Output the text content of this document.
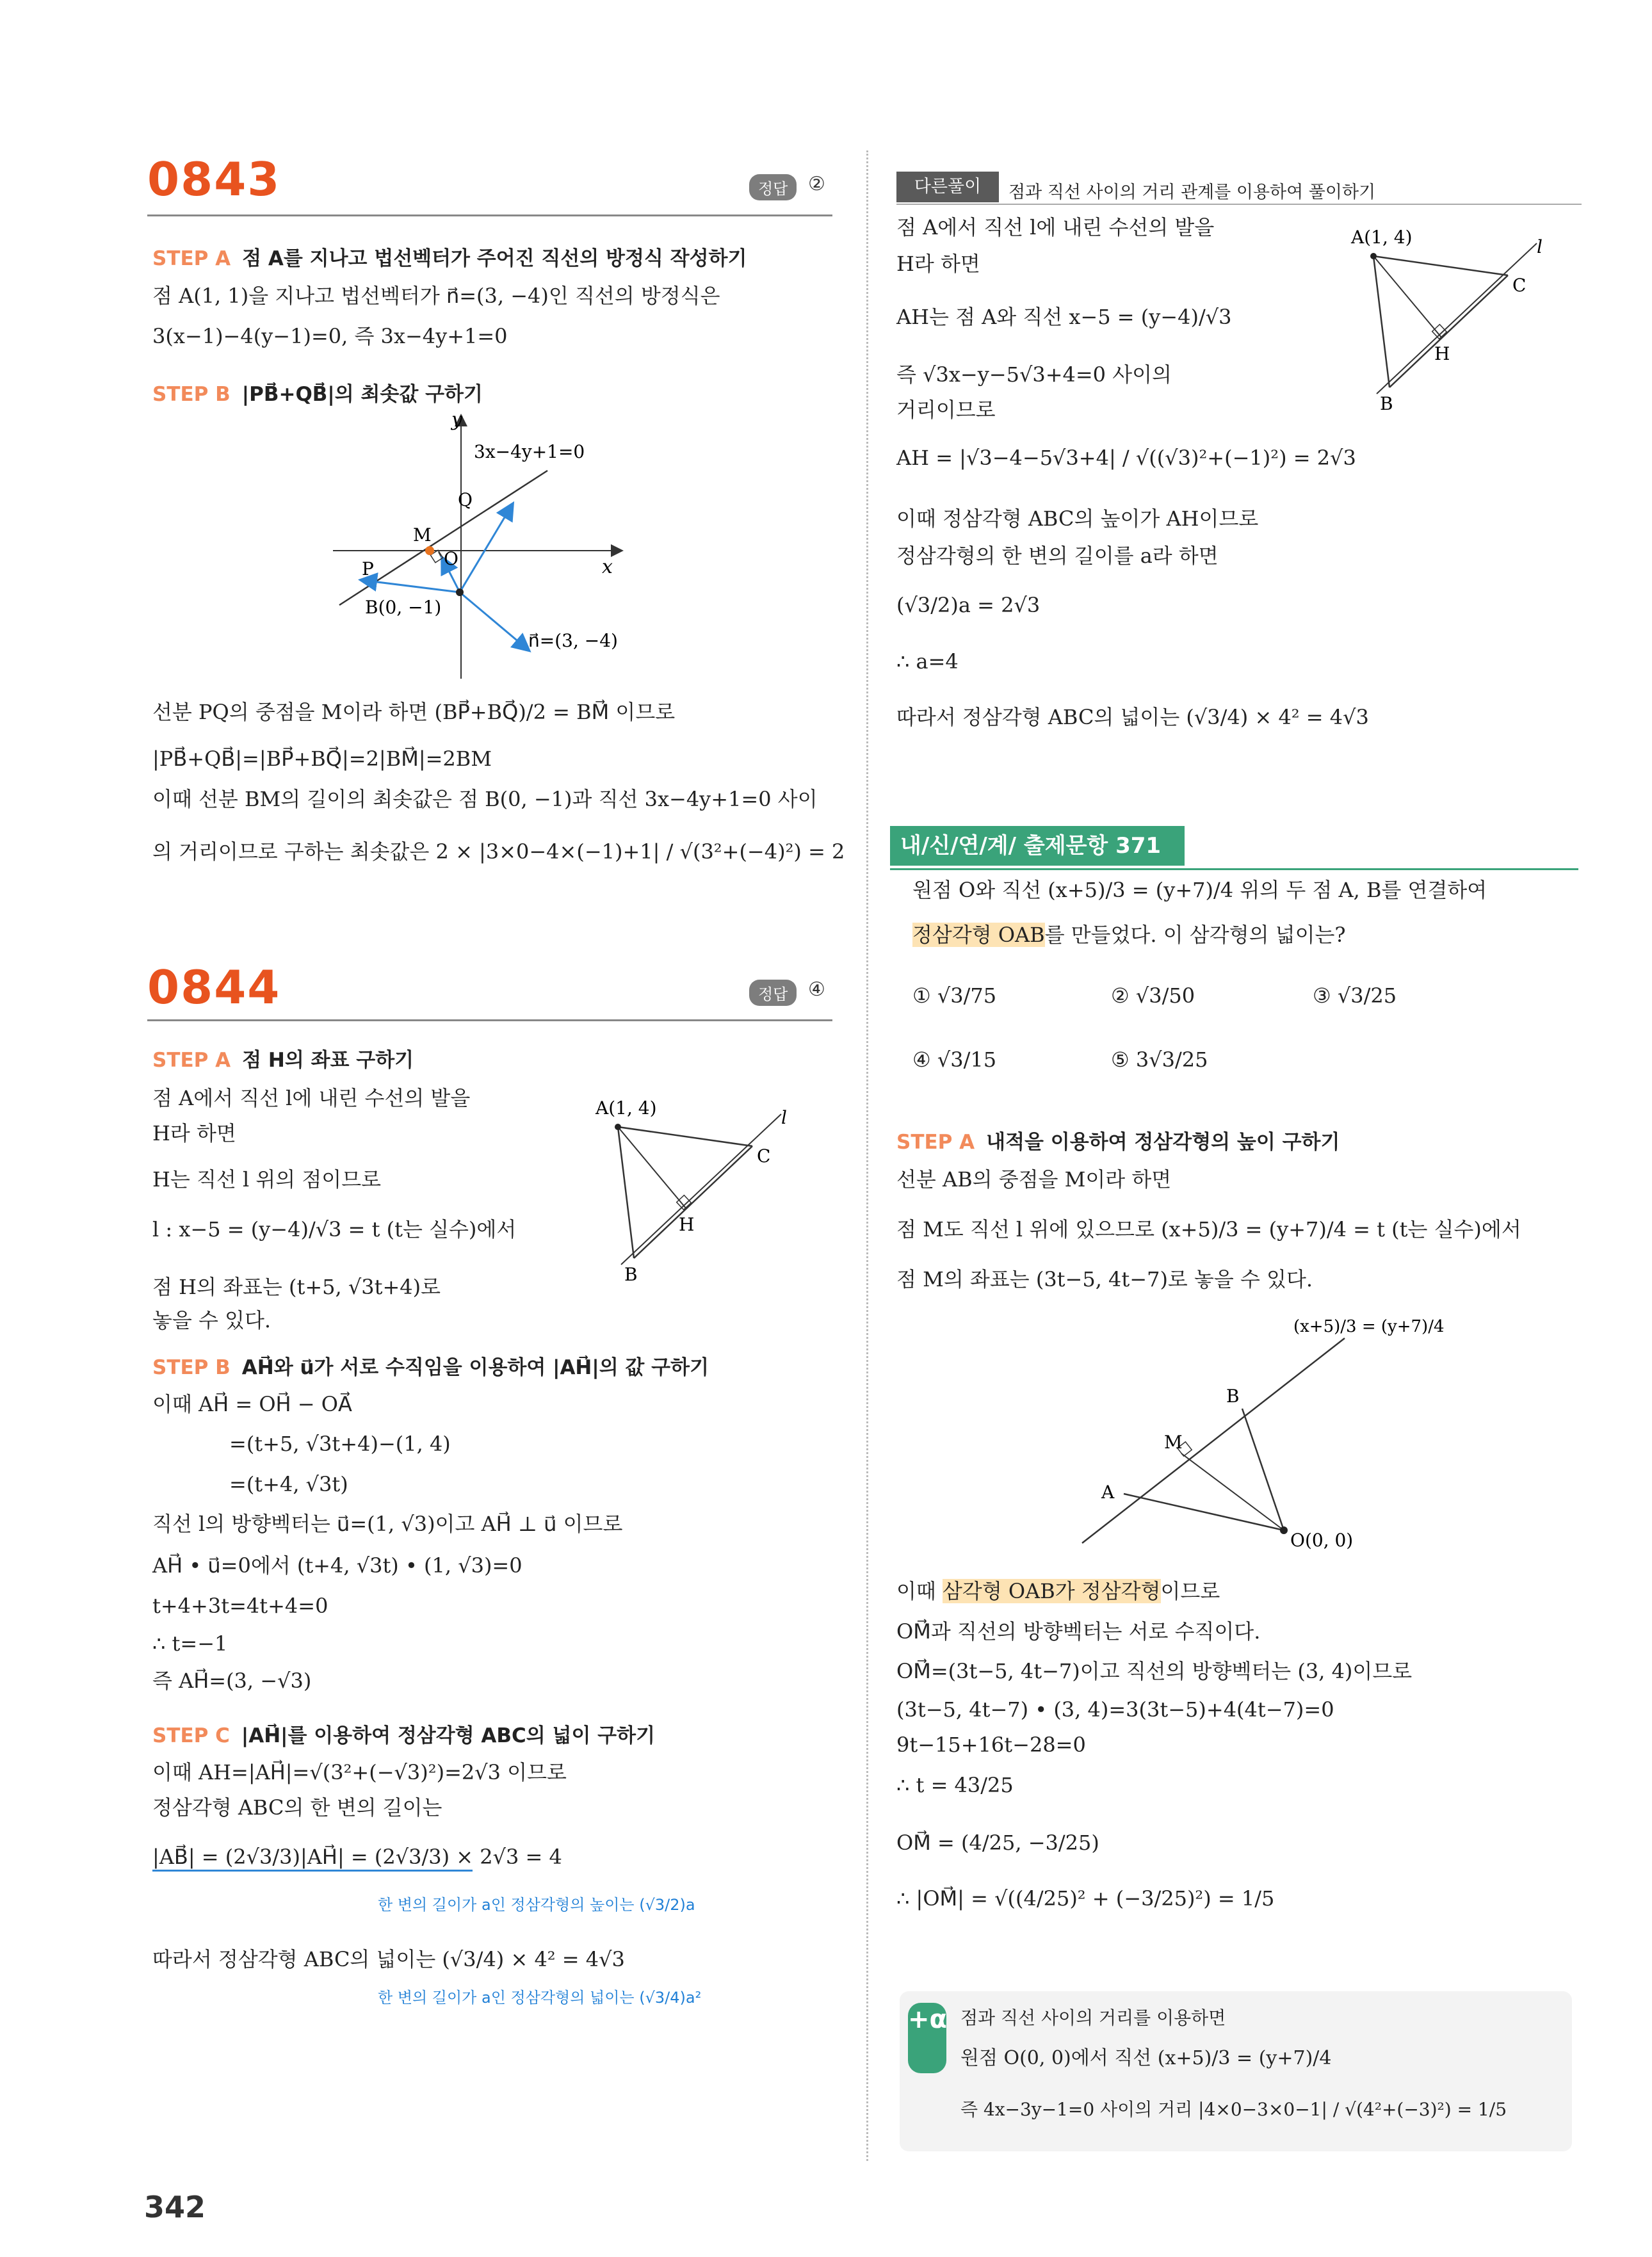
0843	정답	②
STEP A 점 A를 지나고 법선벡터가 주어진 직선의 방정식 작성하기
점 A(1, 1)을 지나고 법선벡터가 n⃗=(3, −4)인 직선의 방정식은
3(x−1)−4(y−1)=0, 즉 3x−4y+1=0
STEP B |PB⃗+QB⃗|의 최솟값 구하기
y
x
3x−4y+1=0
Q
M
O
P
B(0, −1)
n⃗=(3, −4)
선분 PQ의 중점을 M이라 하면 (BP⃗+BQ⃗)/2 = BM⃗ 이므로
|PB⃗+QB⃗|=|BP⃗+BQ⃗|=2|BM⃗|=2BM
이때 선분 BM의 길이의 최솟값은 점 B(0, −1)과 직선 3x−4y+1=0 사이
의 거리이므로 구하는 최솟값은 2 × |3×0−4×(−1)+1| / √(3²+(−4)²) = 2
0844	정답	④
STEP A 점 H의 좌표 구하기
점 A에서 직선 l에 내린 수선의 발을
H라 하면
H는 직선 l 위의 점이므로
l : x−5 = (y−4)/√3 = t (t는 실수)에서
점 H의 좌표는 (t+5, √3t+4)로
놓을 수 있다.
A(1, 4)
B
H
C
l
STEP B AH⃗와 u⃗가 서로 수직임을 이용하여 |AH⃗|의 값 구하기
이때 AH⃗ = OH⃗ − OA⃗
=(t+5, √3t+4)−(1, 4)
=(t+4, √3t)
직선 l의 방향벡터는 u⃗=(1, √3)이고 AH⃗ ⊥ u⃗ 이므로
AH⃗ • u⃗=0에서 (t+4, √3t) • (1, √3)=0
t+4+3t=4t+4=0
∴ t=−1
즉 AH⃗=(3, −√3)
STEP C |AH⃗|를 이용하여 정삼각형 ABC의 넓이 구하기
이때 AH=|AH⃗|=√(3²+(−√3)²)=2√3 이므로
정삼각형 ABC의 한 변의 길이는
|AB⃗| = (2√3/3)|AH⃗| = (2√3/3) × 2√3 = 4
한 변의 길이가 a인 정삼각형의 높이는 (√3/2)a
따라서 정삼각형 ABC의 넓이는 (√3/4) × 4² = 4√3
한 변의 길이가 a인 정삼각형의 넓이는 (√3/4)a²
다른풀이	점과 직선 사이의 거리 관계를 이용하여 풀이하기
점 A에서 직선 l에 내린 수선의 발을
H라 하면
AH는 점 A와 직선 x−5 = (y−4)/√3
즉 √3x−y−5√3+4=0 사이의
거리이므로
AH = |√3−4−5√3+4| / √((√3)²+(−1)²) = 2√3
이때 정삼각형 ABC의 높이가 AH이므로
정삼각형의 한 변의 길이를 a라 하면
(√3/2)a = 2√3
∴ a=4
따라서 정삼각형 ABC의 넓이는 (√3/4) × 4² = 4√3
A(1, 4)
B
H
C
l
내/신/연/계/ 출제문항 371
원점 O와 직선 (x+5)/3 = (y+7)/4 위의 두 점 A, B를 연결하여
정삼각형 OAB를 만들었다. 이 삼각형의 넓이는?
① √3/75	② √3/50	③ √3/25
④ √3/15	⑤ 3√3/25
STEP A 내적을 이용하여 정삼각형의 높이 구하기
선분 AB의 중점을 M이라 하면
점 M도 직선 l 위에 있으므로 (x+5)/3 = (y+7)/4 = t (t는 실수)에서
점 M의 좌표는 (3t−5, 4t−7)로 놓을 수 있다.
(x+5)/3 = (y+7)/4
B
M
A
O(0, 0)
이때 삼각형 OAB가 정삼각형이므로
OM⃗과 직선의 방향벡터는 서로 수직이다.
OM⃗=(3t−5, 4t−7)이고 직선의 방향벡터는 (3, 4)이므로
(3t−5, 4t−7) • (3, 4)=3(3t−5)+4(4t−7)=0
9t−15+16t−28=0
∴ t = 43/25
OM⃗ = (4/25, −3/25)
∴ |OM⃗| = √((4/25)² + (−3/25)²) = 1/5
+α 점과 직선 사이의 거리를 이용하면
원점 O(0, 0)에서 직선 (x+5)/3 = (y+7)/4
즉 4x−3y−1=0 사이의 거리 |4×0−3×0−1| / √(4²+(−3)²) = 1/5
342
